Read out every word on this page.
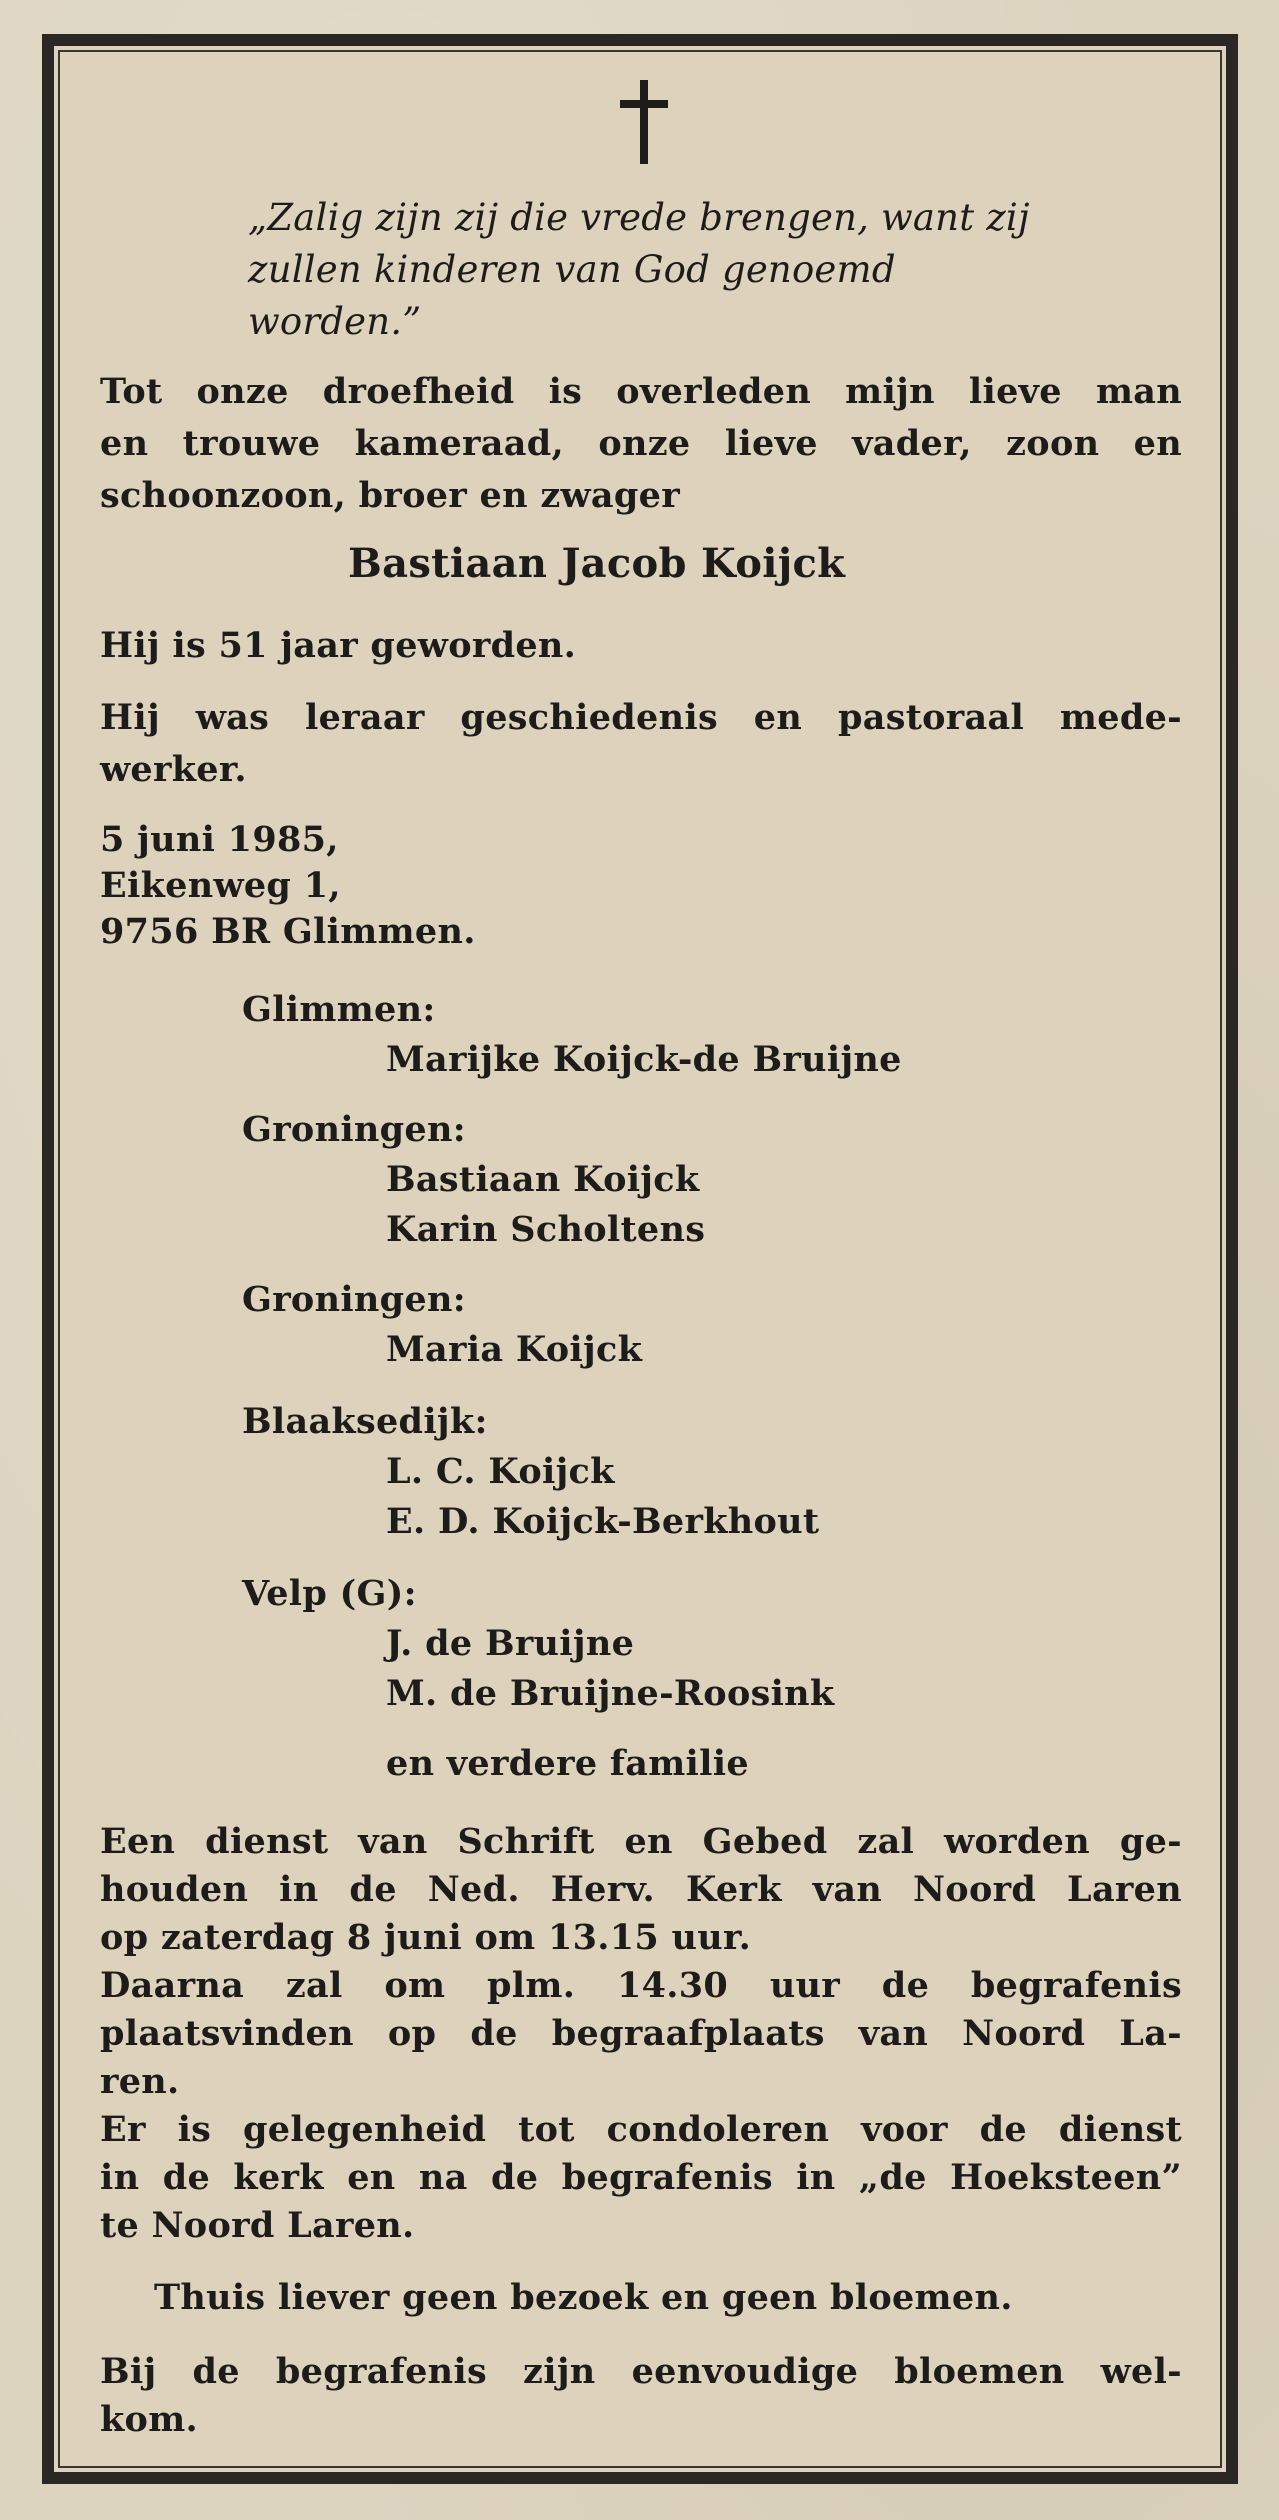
„Zalig zijn zij die vrede brengen, want zij

zullen kinderen van God genoemd

worden.”

Tot onze droefheid is overleden mijn lieve man

en trouwe kameraad, onze lieve vader, zoon en

schoonzoon, broer en zwager

Bastiaan Jacob Koijck

Hij is 51 jaar geworden.

Hij was leraar geschiedenis en pastoraal mede-

werker.

5 juni 1985,

Eikenweg 1,

9756 BR Glimmen.

Glimmen:

Marijke Koijck-de Bruijne

Groningen:

Bastiaan Koijck

Karin Scholtens

Groningen:

Maria Koijck

Blaaksedijk:

L. C. Koijck

E. D. Koijck-Berkhout

Velp (G):

J. de Bruijne

M. de Bruijne-Roosink

en verdere familie

Een dienst van Schrift en Gebed zal worden ge-

houden in de Ned. Herv. Kerk van Noord Laren

op zaterdag 8 juni om 13.15 uur.

Daarna zal om plm. 14.30 uur de begrafenis

plaatsvinden op de begraafplaats van Noord La-

ren.

Er is gelegenheid tot condoleren voor de dienst

in de kerk en na de begrafenis in „de Hoeksteen”

te Noord Laren.

Thuis liever geen bezoek en geen bloemen.

Bij de begrafenis zijn eenvoudige bloemen wel-

kom.
